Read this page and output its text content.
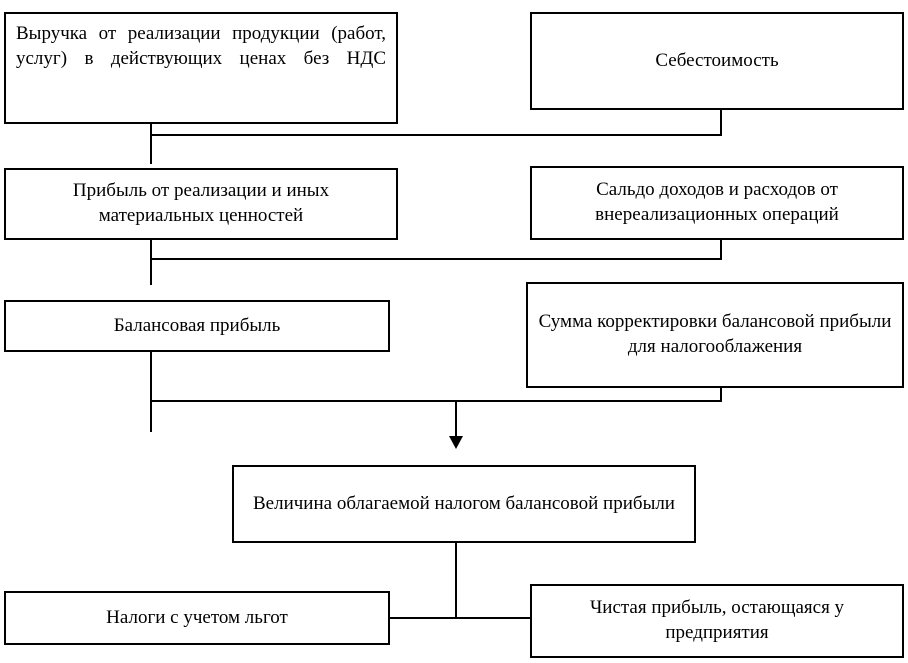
Выручка от реализации продукции (работ, услуг) в действующих ценах без НДС	Себестоимость
Прибыль от реализации и иных материальных ценностей
Сальдо доходов и расходов от внереализационных операций
Балансовая прибыль	Сумма корректировки балансовой прибыли для налогооблажения
Величина облагаемой налогом балансовой прибыли
Налоги с учетом льгот	Чистая прибыль, остающаяся у предприятия
